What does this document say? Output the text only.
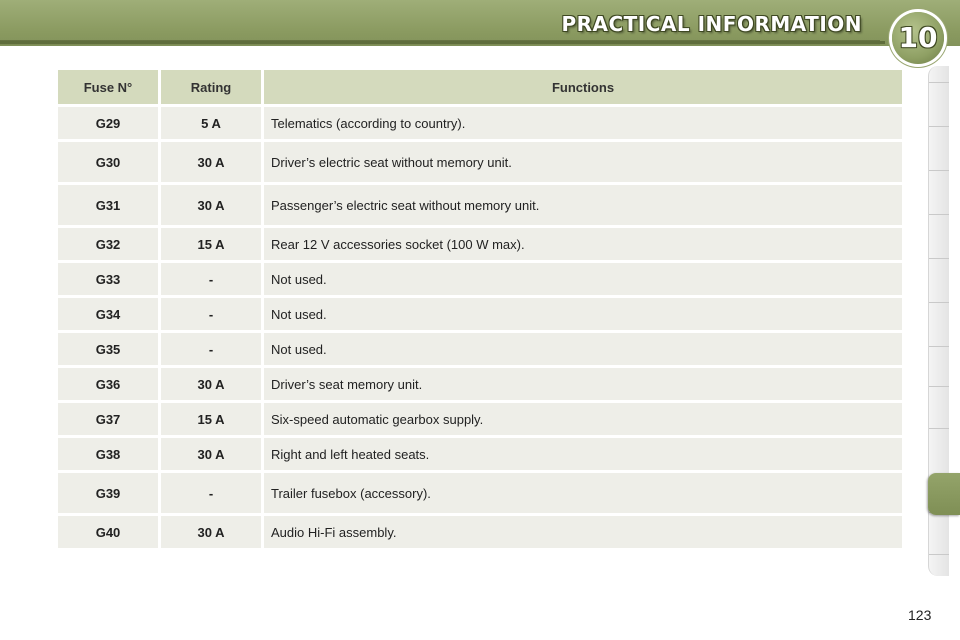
PRACTICAL INFORMATION 10
Fuse N°	Rating	Functions
G29	5 A	Telematics (according to country).
G30	30 A	Driver’s electric seat without memory unit.
G31	30 A	Passenger’s electric seat without memory unit.
G32	15 A	Rear 12 V accessories socket (100 W max).
G33	-	Not used.
G34	-	Not used.
G35	-	Not used.
G36	30 A	Driver’s seat memory unit.
G37	15 A	Six-speed automatic gearbox supply.
G38	30 A	Right and left heated seats.
G39	-	Trailer fusebox (accessory).
G40	30 A	Audio Hi-Fi assembly.
123
